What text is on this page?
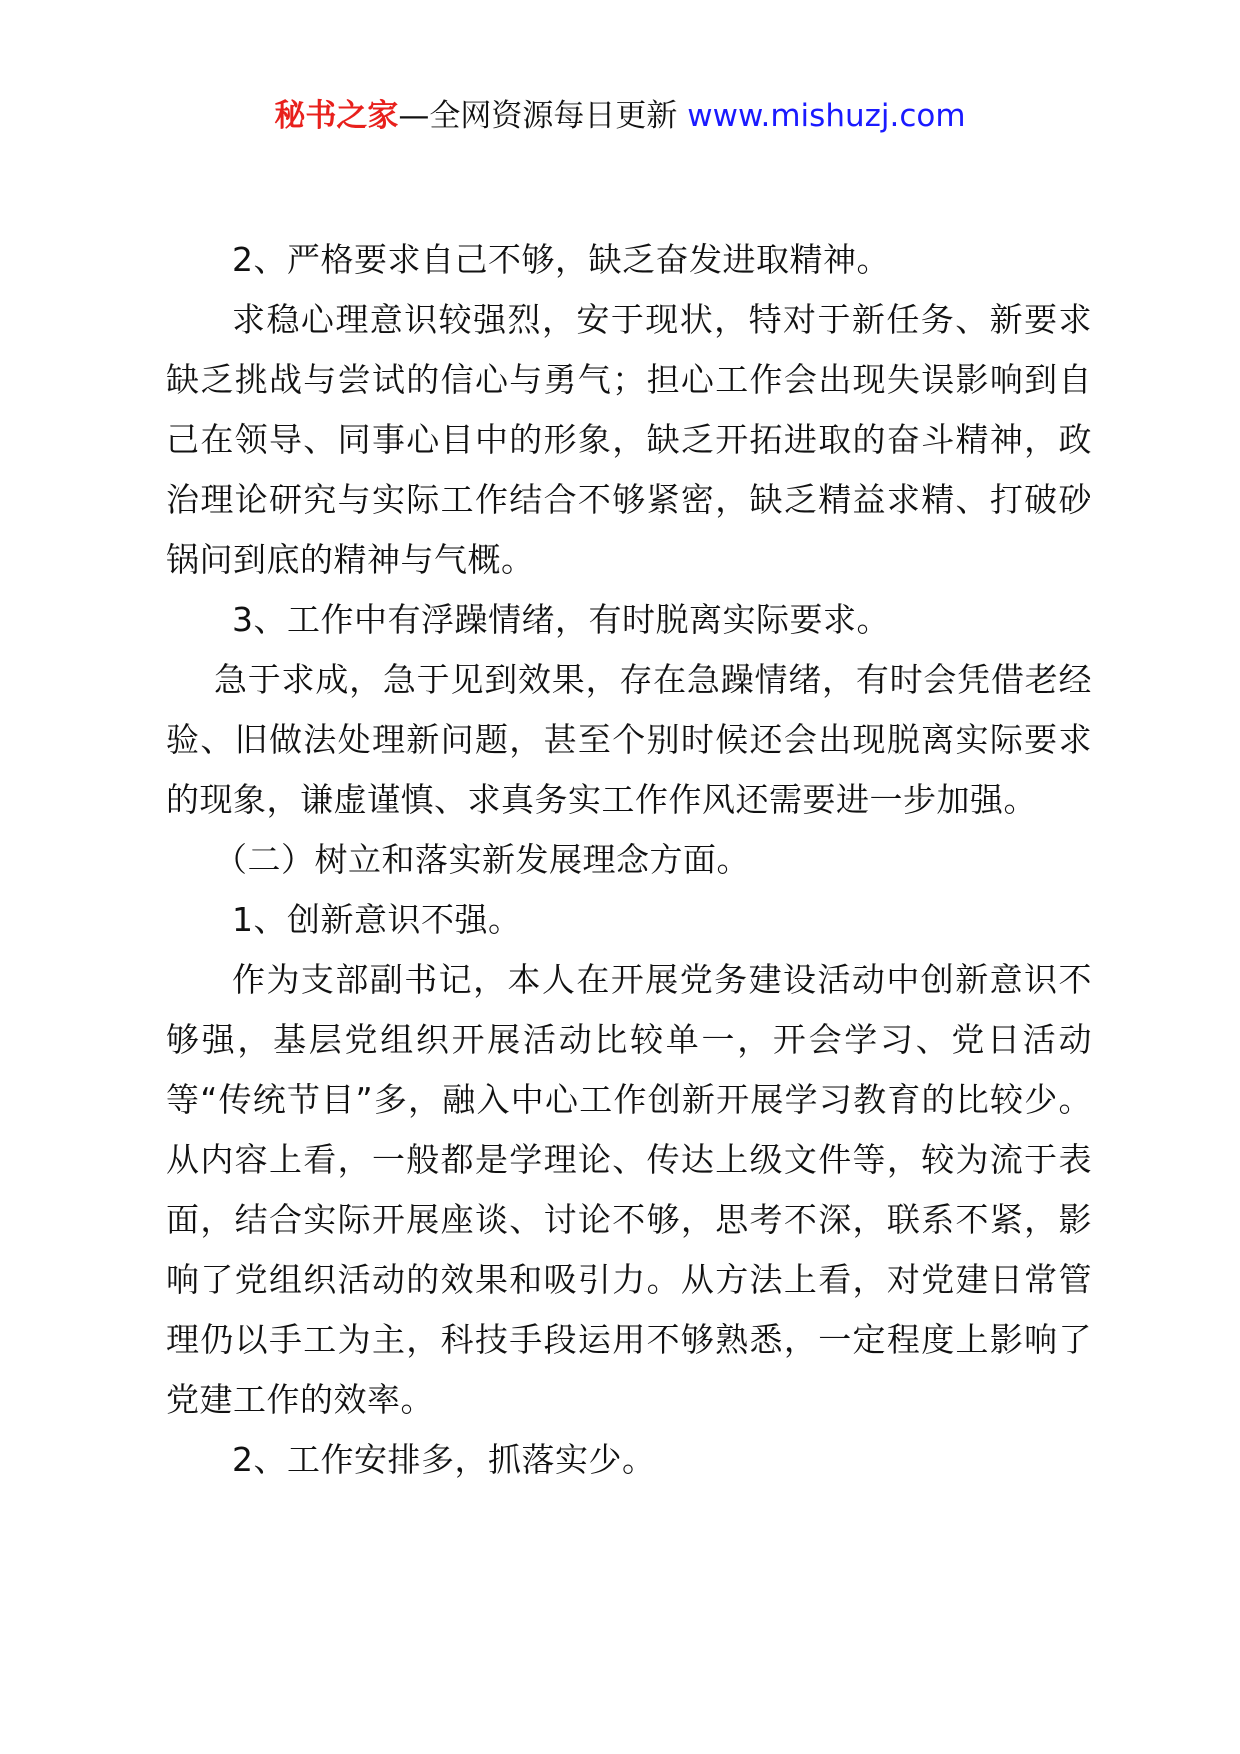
秘书之家—全网资源每日更新 www.mishuzj.com

2、严格要求自己不够，缺乏奋发进取精神。

求稳心理意识较强烈，安于现状，特对于新任务、新要求缺乏挑战与尝试的信心与勇气；担心工作会出现失误影响到自己在领导、同事心目中的形象，缺乏开拓进取的奋斗精神，政治理论研究与实际工作结合不够紧密，缺乏精益求精、打破砂锅问到底的精神与气概。

3、工作中有浮躁情绪，有时脱离实际要求。

急于求成，急于见到效果，存在急躁情绪，有时会凭借老经验、旧做法处理新问题，甚至个别时候还会出现脱离实际要求的现象，谦虚谨慎、求真务实工作作风还需要进一步加强。

（二）树立和落实新发展理念方面。

1、创新意识不强。

作为支部副书记，本人在开展党务建设活动中创新意识不够强，基层党组织开展活动比较单一，开会学习、党日活动等“传统节目”多，融入中心工作创新开展学习教育的比较少。从内容上看，一般都是学理论、传达上级文件等，较为流于表面，结合实际开展座谈、讨论不够，思考不深，联系不紧，影响了党组织活动的效果和吸引力。从方法上看，对党建日常管理仍以手工为主，科技手段运用不够熟悉，一定程度上影响了党建工作的效率。

2、工作安排多，抓落实少。
